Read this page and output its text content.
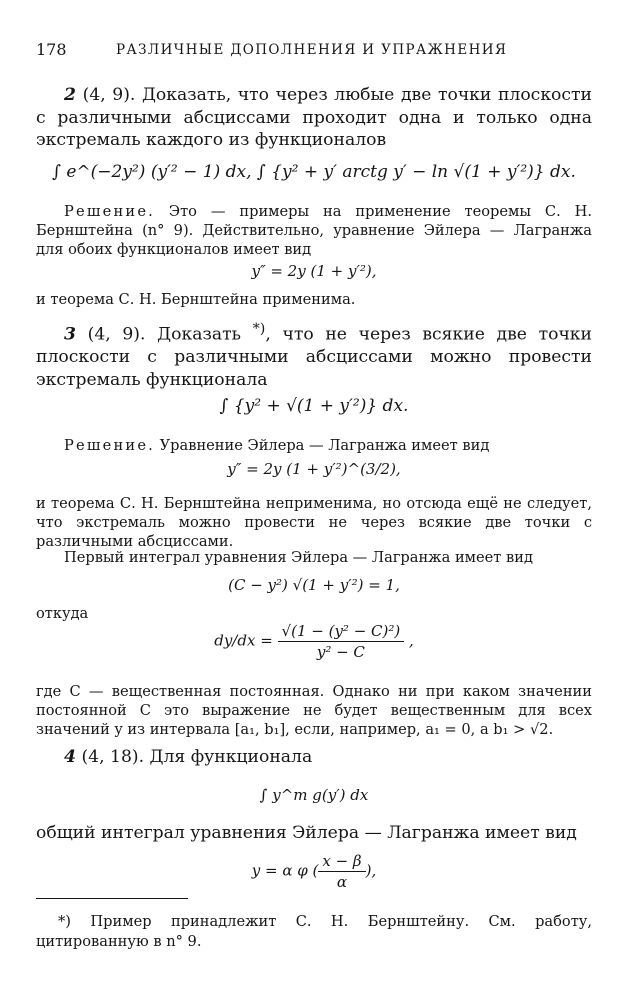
178	РАЗЛИЧНЫЕ ДОПОЛНЕНИЯ И УПРАЖНЕНИЯ

2 (4, 9). Доказать, что через любые две точки плоскости с различными абсциссами проходит одна и только одна экстремаль каждого из функционалов

∫ e^(−2y²) (y′² − 1) dx, ∫ {y² + y′ arctg y′ − ln √(1 + y′²)} dx.

Решение. Это — примеры на применение теоремы С. Н. Бернштейна (n° 9). Действительно, уравнение Эйлера — Лагранжа для обоих функционалов имеет вид

y″ = 2y (1 + y′²),

и теорема С. Н. Бернштейна применима.

3 (4, 9). Доказать *), что не через всякие две точки плоскости с различными абсциссами можно провести экстремаль функционала

∫ {y² + √(1 + y′²)} dx.

Решение. Уравнение Эйлера — Лагранжа имеет вид

y″ = 2y (1 + y′²)^(3/2),

и теорема С. Н. Бернштейна неприменима, но отсюда ещё не следует, что экстремаль можно провести не через всякие две точки с различными абсциссами.

Первый интеграл уравнения Эйлера — Лагранжа имеет вид

(C − y²) √(1 + y′²) = 1,

откуда

$dy/dx = \frac{\text{√(1 − (y² − C)²)}}{\text{y² − C}}$ ,

где C — вещественная постоянная. Однако ни при каком значении постоянной C это выражение не будет вещественным для всех значений y из интервала [a₁, b₁], если, например, a₁ = 0, а b₁ > √2.

4 (4, 18). Для функционала

∫ y^m g(y′) dx

общий интеграл уравнения Эйлера — Лагранжа имеет вид

y = α φ ( $\frac{x - \beta}{\alpha}$ ),
*) Пример принадлежит С. Н. Бернштейну. См. работу, цитированную в n° 9.
